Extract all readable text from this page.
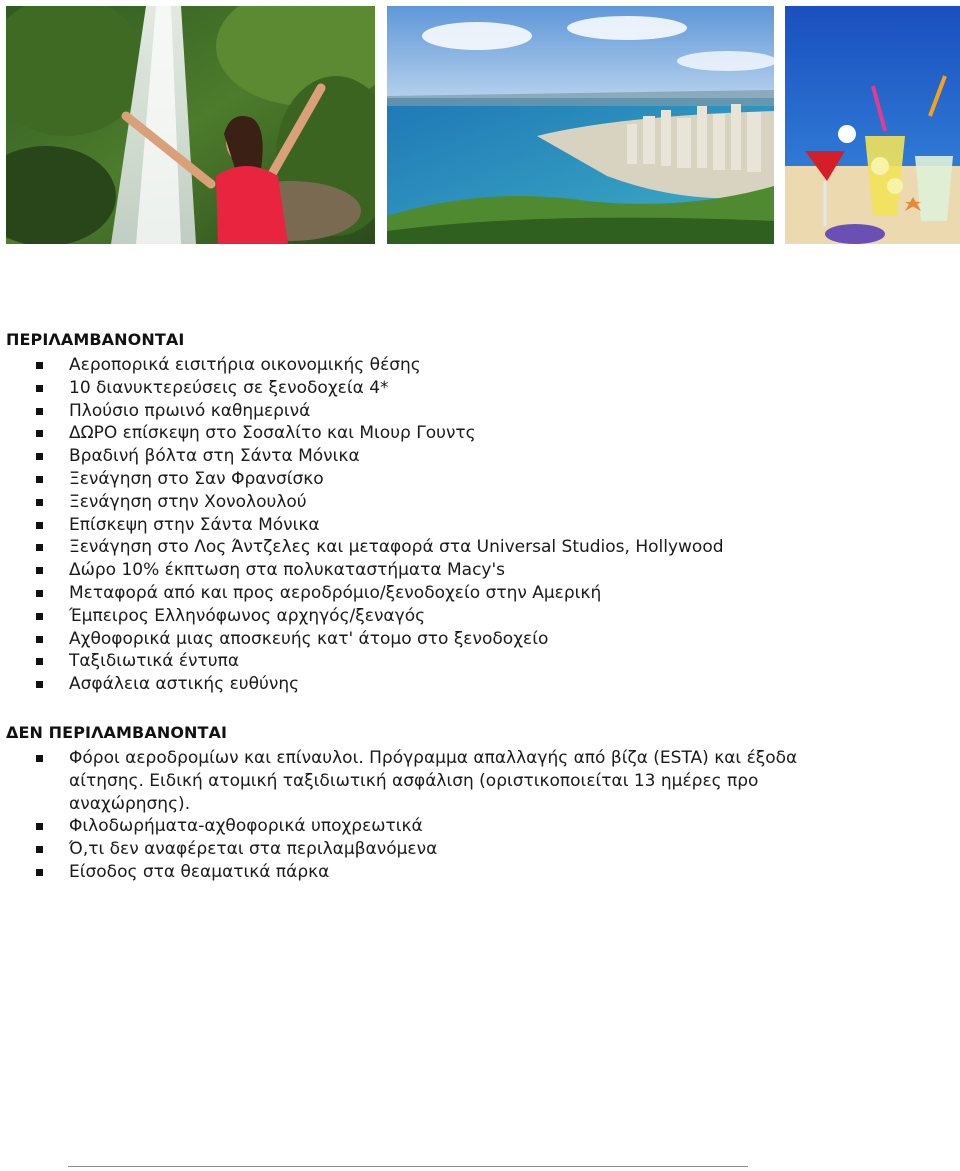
ΠΕΡΙΛΑΜΒΑΝΟΝΤΑΙ
Αεροπορικά εισιτήρια οικονομικής θέσης
10 διανυκτερεύσεις σε ξενοδοχεία 4*
Πλούσιο πρωινό καθημερινά
ΔΩΡΟ επίσκεψη στο Σοσαλίτο και Μιουρ Γουντς
Βραδινή βόλτα στη Σάντα Μόνικα
Ξενάγηση στο Σαν Φρανσίσκο
Ξενάγηση στην Χονολουλού
Επίσκεψη στην Σάντα Μόνικα
Ξενάγηση στο Λος Άντζελες και μεταφορά στα Universal Studios, Hollywood
Δώρο 10% έκπτωση στα πολυκαταστήματα Macy's
Μεταφορά από και προς αεροδρόμιο/ξενοδοχείο στην Αμερική
Έμπειρος Ελληνόφωνος αρχηγός/ξεναγός
Αχθοφορικά μιας αποσκευής κατ' άτομο στο ξενοδοχείο
Ταξιδιωτικά έντυπα
Ασφάλεια αστικής ευθύνης
ΔΕΝ ΠΕΡΙΛΑΜΒΑΝΟΝΤΑΙ
Φόροι αεροδρομίων και επίναυλοι. Πρόγραμμα απαλλαγής από βίζα (ESTA) και έξοδα αίτησης. Ειδική ατομική ταξιδιωτική ασφάλιση (οριστικοποιείται 13 ημέρες προ αναχώρησης).
Φιλοδωρήματα-αχθοφορικά υποχρεωτικά
Ό,τι δεν αναφέρεται στα περιλαμβανόμενα
Είσοδος στα θεαματικά πάρκα
